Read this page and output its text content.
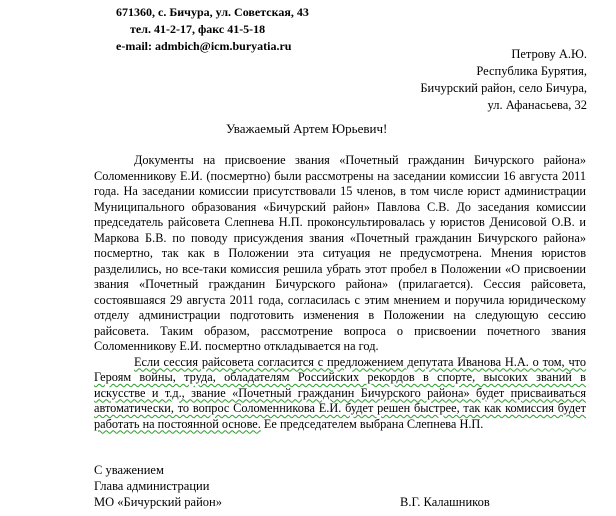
671360, с. Бичура, ул. Советская, 43
тел. 41-2-17, факс 41-5-18
e-mail: admbich@icm.buryatia.ru
Петрову А.Ю.
Республика Бурятия,
Бичурский район, село Бичура,
ул. Афанасьева, 32
Уважаемый Артем Юрьевич!

Документы на присвоение звания «Почетный гражданин Бичурского района» Соломенникову Е.И. (посмертно) были рассмотрены на заседании комиссии 16 августа 2011 года. На заседании комиссии присутствовали 15 членов, в том числе юрист администрации Муниципального образования «Бичурский район» Павлова С.В. До заседания комиссии председатель райсовета Слепнева Н.П. проконсультировалась у юристов Денисовой О.В. и Маркова Б.В. по поводу присуждения звания «Почетный гражданин Бичурского района» посмертно, так как в Положении эта ситуация не предусмотрена. Мнения юристов разделились, но все-таки комиссия решила убрать этот пробел в Положении «О присвоении звания «Почетный гражданин Бичурского района» (прилагается). Сессия райсовета, состоявшаяся 29 августа 2011 года, согласилась с этим мнением и поручила юридическому отделу администрации подготовить изменения в Положении на следующую сессию райсовета. Таким образом, рассмотрение вопроса о присвоении почетного звания Соломенникову Е.И. посмертно откладывается на год.

Если сессия райсовета согласится с предложением депутата Иванова Н.А. о том, что Героям войны, труда, обладателям Российских рекордов в спорте, высоких званий в искусстве и т.д., звание «Почетный гражданин Бичурского района» будет присваиваться автоматически, то вопрос Соломенникова Е.И. будет решен быстрее, так как комиссия будет работать на постоянной основе. Ее председателем выбрана Слепнева Н.П.

С уважением
Глава администрации
МО «Бичурский район»	В.Г. Калашников
